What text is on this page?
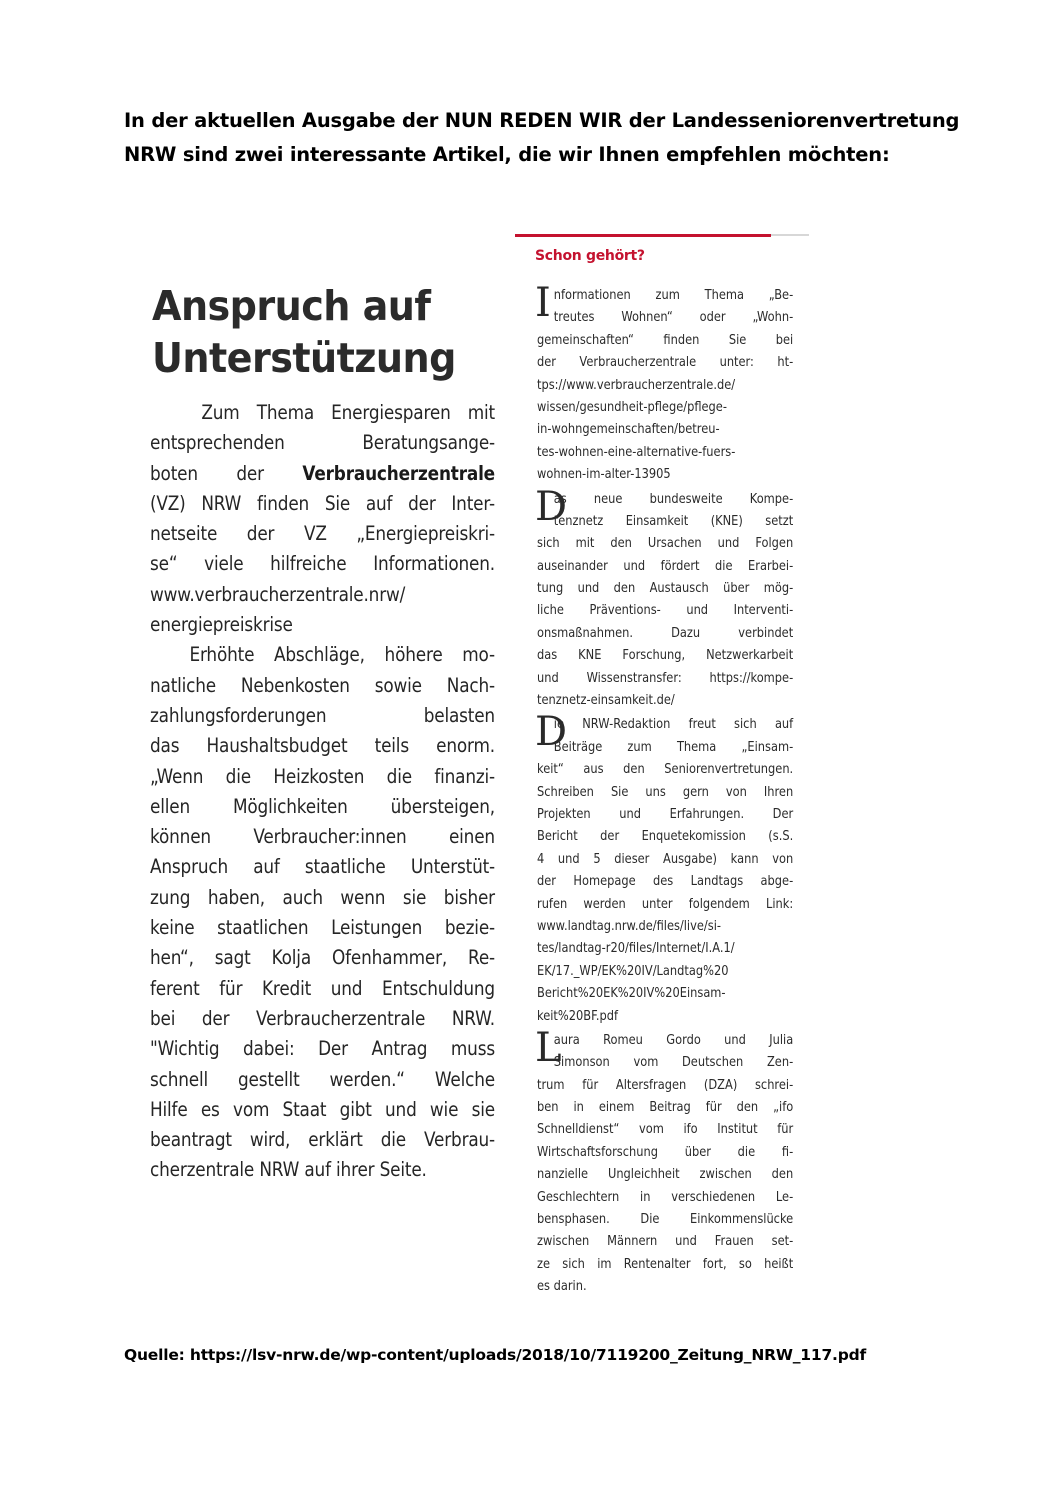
In der aktuellen Ausgabe der NUN REDEN WIR der Landesseniorenvertretung
NRW sind zwei interessante Artikel, die wir Ihnen empfehlen möchten:
Anspruch auf
Unterstützung
Zum Thema Energiesparen mit
entsprechenden Beratungsange-
boten der Verbraucherzentrale
(VZ) NRW finden Sie auf der Inter-
netseite der VZ „Energiepreiskri-
se“ viele hilfreiche Informationen.
www.verbraucherzentrale.nrw/
energiepreiskrise
Erhöhte Abschläge, höhere mo-
natliche Nebenkosten sowie Nach-
zahlungsforderungen belasten
das Haushaltsbudget teils enorm.
„Wenn die Heizkosten die finanzi-
ellen Möglichkeiten übersteigen,
können Verbraucher:innen einen
Anspruch auf staatliche Unterstüt-
zung haben, auch wenn sie bisher
keine staatlichen Leistungen bezie-
hen“, sagt Kolja Ofenhammer, Re-
ferent für Kredit und Entschuldung
bei der Verbraucherzentrale NRW.
"Wichtig dabei: Der Antrag muss
schnell gestellt werden.“ Welche
Hilfe es vom Staat gibt und wie sie
beantragt wird, erklärt die Verbrau-
cherzentrale NRW auf ihrer Seite.
Schon gehört?
I nformationen zum Thema „Be-
treutes Wohnen“ oder „Wohn-
gemeinschaften“ finden Sie bei
der Verbraucherzentrale unter: ht-
tps://www.verbraucherzentrale.de/
wissen/gesundheit-pflege/pflege-
in-wohngemeinschaften/betreu-
tes-wohnen-eine-alternative-fuers-
wohnen-im-alter-13905
D
as neue bundesweite Kompe-
tenznetz Einsamkeit (KNE) setzt
sich mit den Ursachen und Folgen
auseinander und fördert die Erarbei-
tung und den Austausch über mög-
liche Präventions- und Interventi-
onsmaßnahmen. Dazu verbindet
das KNE Forschung, Netzwerkarbeit
und Wissenstransfer: https://kompe-
tenznetz-einsamkeit.de/
D
ie NRW-Redaktion freut sich auf
Beiträge zum Thema „Einsam-
keit“ aus den Seniorenvertretungen.
Schreiben Sie uns gern von Ihren
Projekten und Erfahrungen. Der
Bericht der Enquetekomission (s.S.
4 und 5 dieser Ausgabe) kann von
der Homepage des Landtags abge-
rufen werden unter folgendem Link:
www.landtag.nrw.de/files/live/si-
tes/landtag-r20/files/Internet/I.A.1/
EK/17._WP/EK%20IV/Landtag%20
Bericht%20EK%20IV%20Einsam-
keit%20BF.pdf
L
aura Romeu Gordo und Julia
Simonson vom Deutschen Zen-
trum für Altersfragen (DZA) schrei-
ben in einem Beitrag für den „ifo
Schnelldienst“ vom ifo Institut für
Wirtschaftsforschung über die fi-
nanzielle Ungleichheit zwischen den
Geschlechtern in verschiedenen Le-
bensphasen. Die Einkommenslücke
zwischen Männern und Frauen set-
ze sich im Rentenalter fort, so heißt
es darin.
Quelle: https://lsv-nrw.de/wp-content/uploads/2018/10/7119200_Zeitung_NRW_117.pdf
